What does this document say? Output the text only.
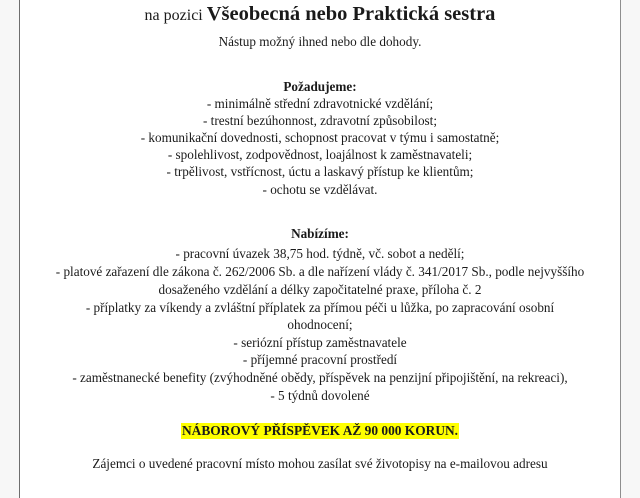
na pozici Všeobecná nebo Praktická sestra
Nástup možný ihned nebo dle dohody.
Požadujeme:
- minimálně střední zdravotnické vzdělání;
- trestní bezúhonnost, zdravotní způsobilost;
- komunikační dovednosti, schopnost pracovat v týmu i samostatně;
- spolehlivost, zodpovědnost, loajálnost k zaměstnavateli;
- trpělivost, vstřícnost, úctu a laskavý přístup ke klientům;
- ochotu se vzdělávat.
Nabízíme:
- pracovní úvazek 38,75 hod. týdně, vč. sobot a nedělí;
- platové zařazení dle zákona č. 262/2006 Sb. a dle nařízení vlády č. 341/2017 Sb., podle nejvyššího
dosaženého vzdělání a délky započitatelné praxe, příloha č. 2
- příplatky za víkendy a zvláštní příplatek za přímou péči u lůžka, po zapracování osobní
ohodnocení;
- seriózní přístup zaměstnavatele
- příjemné pracovní prostředí
- zaměstnanecké benefity (zvýhodněné obědy, příspěvek na penzijní připojištění, na rekreaci),
- 5 týdnů dovolené
NÁBOROVÝ PŘÍSPĚVEK AŽ 90 000 KORUN.
Zájemci o uvedené pracovní místo mohou zasílat své životopisy na e-mailovou adresu
